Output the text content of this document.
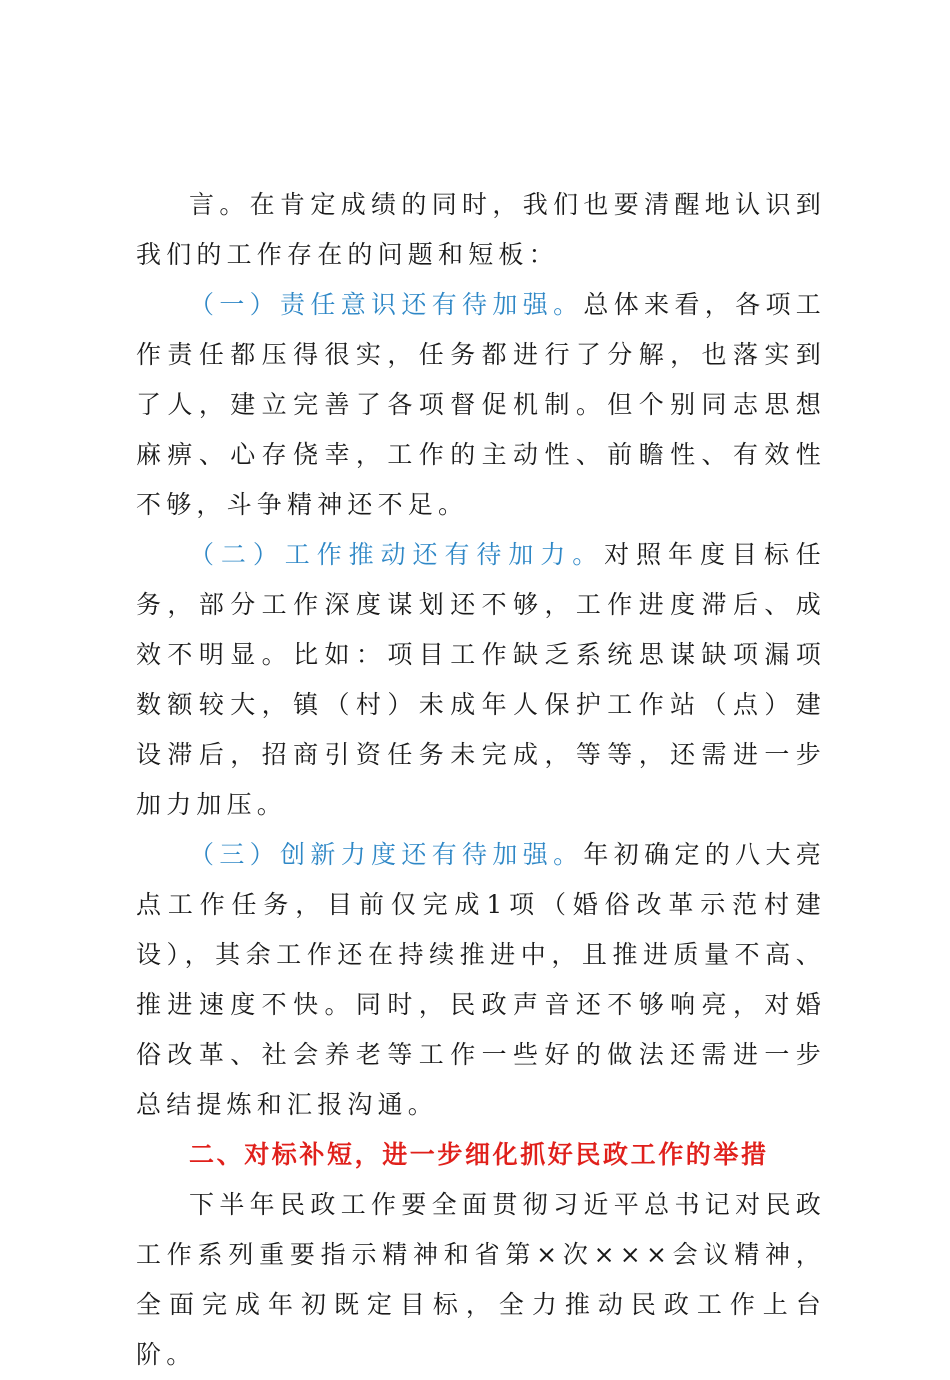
言。在肯定成绩的同时，我们也要清醒地认识到我们的工作存在的问题和短板：

（一）责任意识还有待加强。总体来看，各项工作责任都压得很实，任务都进行了分解，也落实到了人，建立完善了各项督促机制。但个别同志思想麻痹、心存侥幸，工作的主动性、前瞻性、有效性不够，斗争精神还不足。

（二）工作推动还有待加力。对照年度目标任务，部分工作深度谋划还不够，工作进度滞后、成效不明显。比如：项目工作缺乏系统思谋缺项漏项数额较大，镇（村）未成年人保护工作站（点）建设滞后，招商引资任务未完成，等等，还需进一步加力加压。

（三）创新力度还有待加强。年初确定的八大亮点工作任务，目前仅完成1项（婚俗改革示范村建设），其余工作还在持续推进中，且推进质量不高、推进速度不快。同时，民政声音还不够响亮，对婚俗改革、社会养老等工作一些好的做法还需进一步总结提炼和汇报沟通。

二、对标补短，进一步细化抓好民政工作的举措

下半年民政工作要全面贯彻习近平总书记对民政工作系列重要指示精神和省第×次×××会议精神，全面完成年初既定目标，全力推动民政工作上台阶。
